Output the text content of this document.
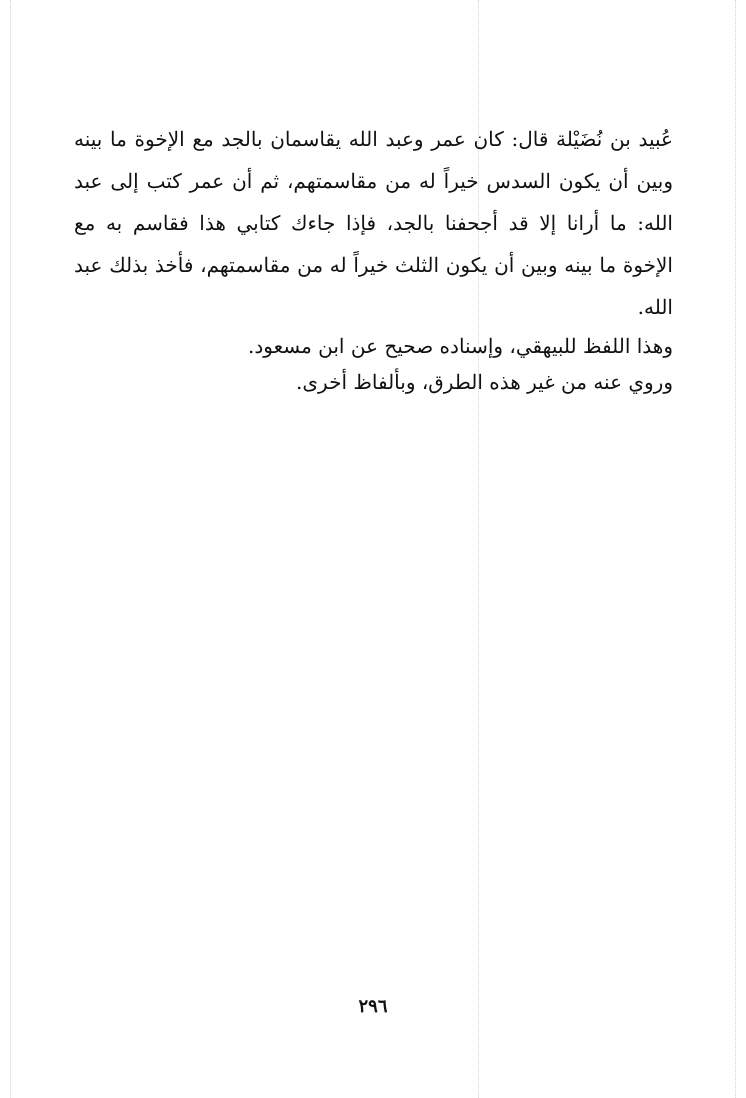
عُبيد بن نُضَيْلة قال: كان عمر وعبد الله يقاسمان بالجد مع الإخوة ما بينه وبين أن يكون السدس خيراً له من مقاسمتهم، ثم أن عمر كتب إلى عبد الله: ما أرانا إلا قد أجحفنا بالجد، فإذا جاءك كتابي هذا فقاسم به مع الإخوة ما بينه وبين أن يكون الثلث خيراً له من مقاسمتهم، فأخذ بذلك عبد الله.

وهذا اللفظ للبيهقي، وإسناده صحيح عن ابن مسعود.

وروي عنه من غير هذه الطرق، وبألفاظ أخرى.

٢٩٦
